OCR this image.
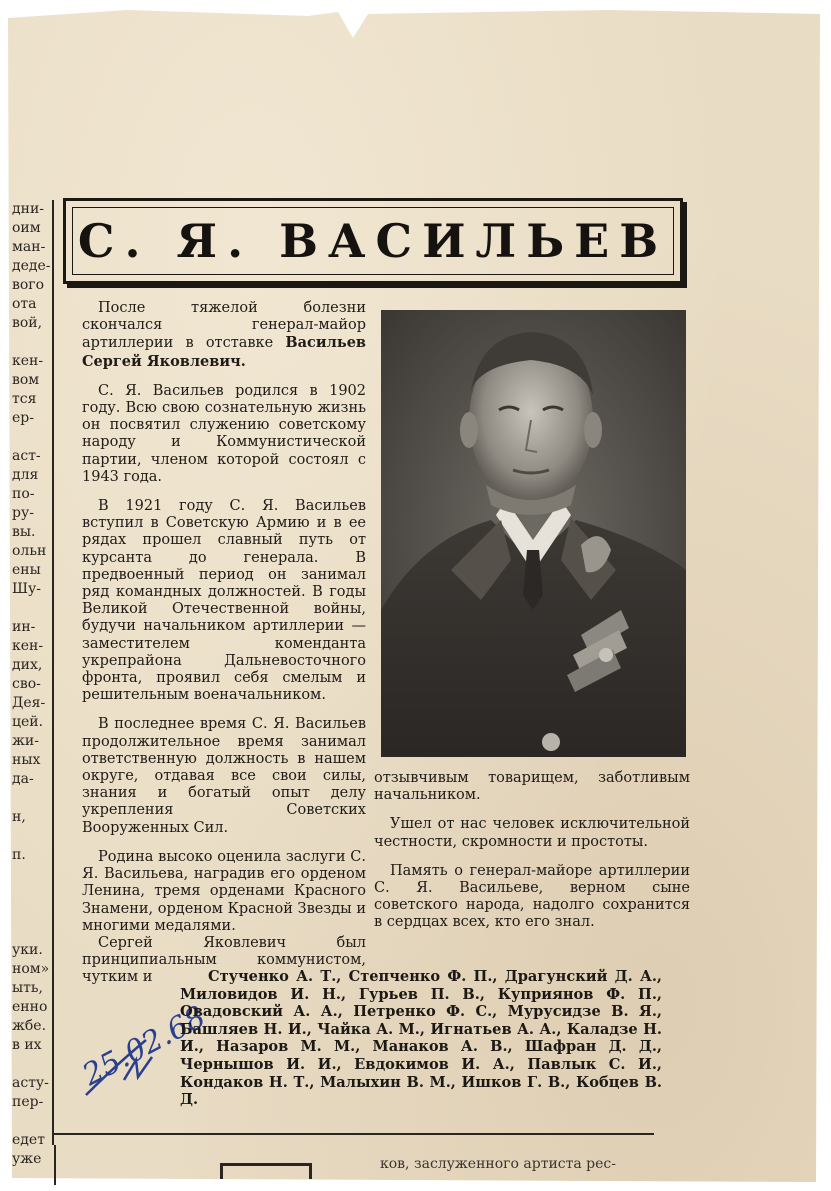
дни-
оим
ман-
деде-
вого
ота
вой,
кен-
вом
тся
ер-
аст-
для
по-
ру-
вы.
ольн
ены
Шу-
ин-
кен-
дих,
сво-
Дея-
цей.
жи-
ных
да-
н,
п.
уки.
ном»
ыть,
енно
жбе.
в их
асту-
пер-
едет
уже
С. Я. ВАСИЛЬЕВ

После тяжелой болезни скончался генерал-майор артиллерии в отставке Васильев Сергей Яковлевич.

С. Я. Васильев родился в 1902 году. Всю свою сознательную жизнь он посвятил служению советскому народу и Коммунистической партии, членом которой состоял с 1943 года.

В 1921 году С. Я. Васильев вступил в Советскую Армию и в ее рядах прошел славный путь от курсанта до генерала. В предвоенный период он занимал ряд командных должностей. В годы Великой Отечественной войны, будучи начальником артиллерии — заместителем коменданта укрепрайона Дальневосточного фронта, проявил себя смелым и решительным военачальником.

В последнее время С. Я. Васильев продолжительное время занимал ответственную должность в нашем округе, отдавая все свои силы, знания и богатый опыт делу укрепления Советских Вооруженных Сил.

Родина высоко оценила заслуги С. Я. Васильева, наградив его орденом Ленина, тремя орденами Красного Знамени, орденом Красной Звезды и многими медалями.

Сергей Яковлевич был принципиальным коммунистом, чутким и

отзывчивым товарищем, заботливым начальником.

Ушел от нас человек исключительной честности, скромности и простоты.

Память о генерал-майоре артиллерии С. Я. Васильеве, верном сыне советского народа, надолго сохранится в сердцах всех, кто его знал.

25.02.68
Стученко А. Т., Степченко Ф. П., Драгунский Д. А., Миловидов И. Н., Гурьев П. В., Куприянов Ф. П., Овадовский А. А., Петренко Ф. С., Мурусидзе В. Я., Башляев Н. И., Чайка А. М., Игнатьев А. А., Каладзе Н. И., Назаров М. М., Манаков А. В., Шафран Д. Д., Чернышов И. И., Евдокимов И. А., Павлык С. И., Кондаков Н. Т., Малыхин В. М., Ишков Г. В., Кобцев В. Д.
ков, заслуженного артиста рес-
